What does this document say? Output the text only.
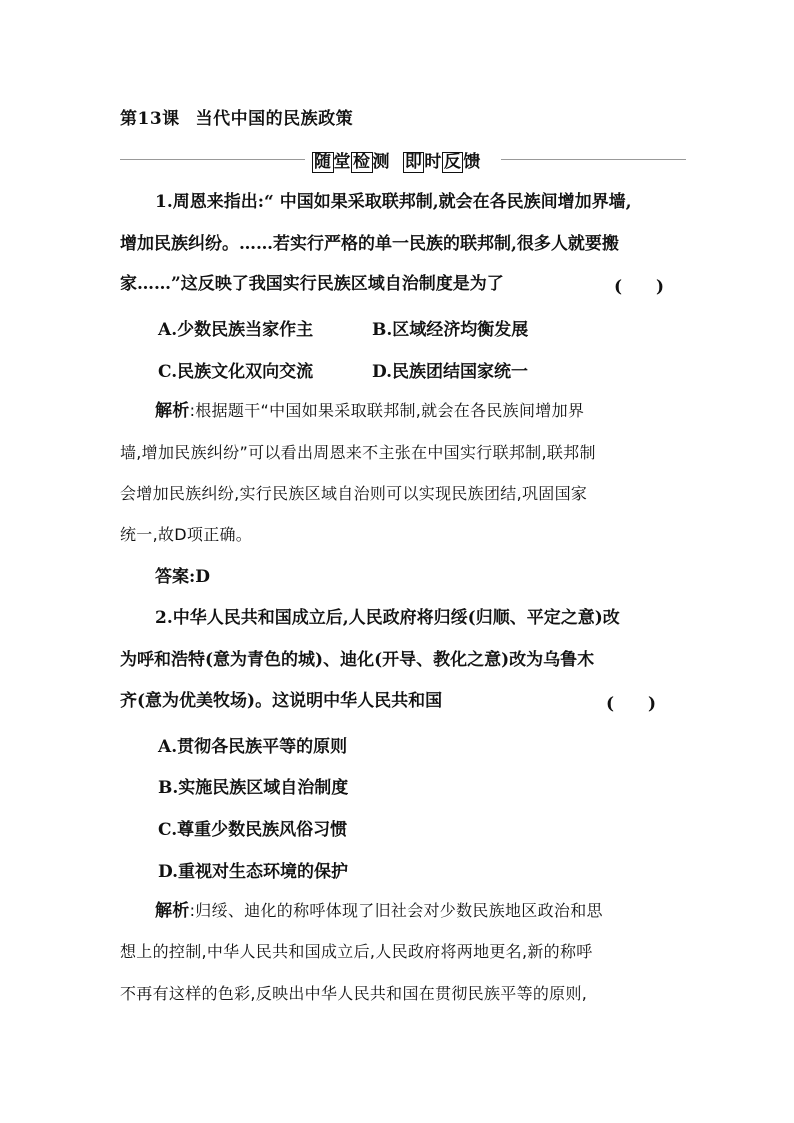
第13课 当代中国的民族政策
随 堂 检 测 即 时 反 馈
1.周恩来指出:“ 中国如果采取联邦制,就会在各民族间增加界墙,
增加民族纠纷。……若实行严格的单一民族的联邦制,很多人就要搬
家……”这反映了我国实行民族区域自治制度是为了	(　　)
A.少数民族当家作主	B.区域经济均衡发展
C.民族文化双向交流	D.民族团结国家统一
解析:根据题干“中国如果采取联邦制,就会在各民族间增加界
墙,增加民族纠纷”可以看出周恩来不主张在中国实行联邦制,联邦制
会增加民族纠纷,实行民族区域自治则可以实现民族团结,巩固国家
统一,故D项正确。
答案:D
2.中华人民共和国成立后,人民政府将归绥(归顺、平定之意)改
为呼和浩特(意为青色的城)、迪化(开导、教化之意)改为乌鲁木
齐(意为优美牧场)。这说明中华人民共和国	(　　)
A.贯彻各民族平等的原则
B.实施民族区域自治制度
C.尊重少数民族风俗习惯
D.重视对生态环境的保护
解析:归绥、迪化的称呼体现了旧社会对少数民族地区政治和思
想上的控制,中华人民共和国成立后,人民政府将两地更名,新的称呼
不再有这样的色彩,反映出中华人民共和国在贯彻民族平等的原则,
